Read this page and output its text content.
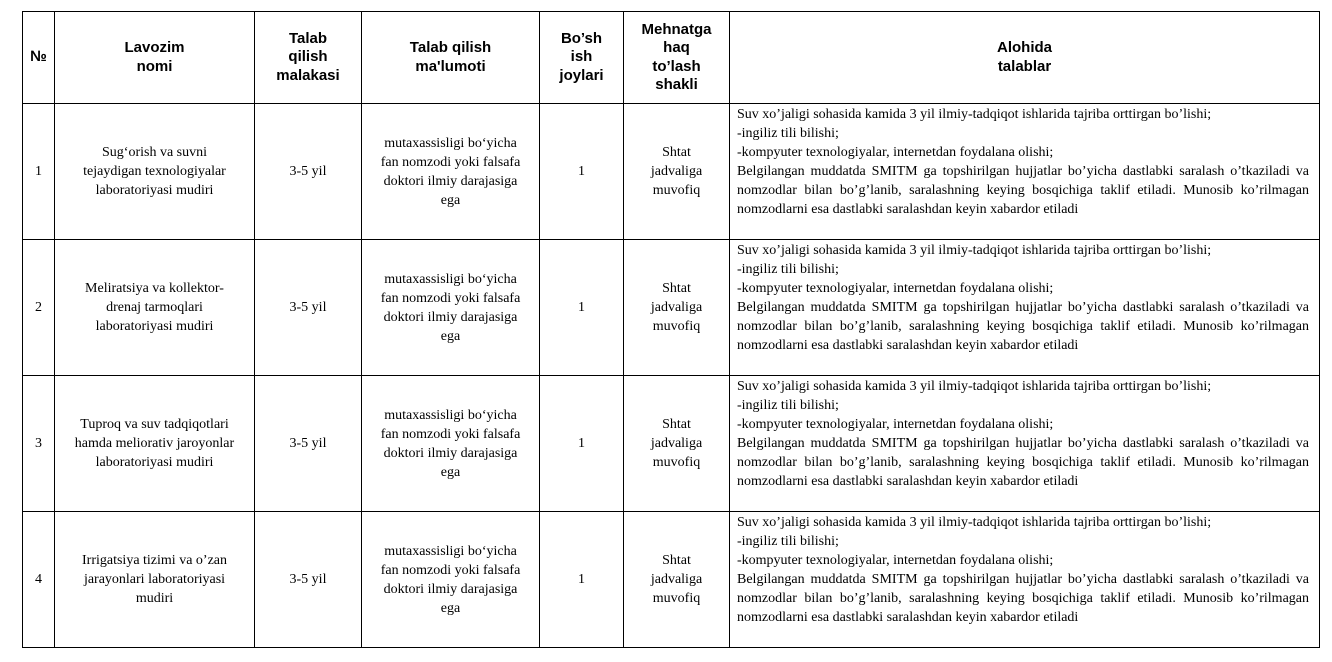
№	Lavozim
nomi	Talab
qilish
malakasi	Talab qilish
ma'lumoti	Bo’sh
ish
joylari	Mehnatga
haq
to’lash
shakli	Alohida
talablar

1	Sug‘orish va suvni tejaydigan texnologiyalar laboratoriyasi mudiri	3-5 yil	mutaxassisligi bo‘yicha fan nomzodi yoki falsafa doktori ilmiy darajasiga ega	1	Shtat jadvaliga muvofiq	Suv xo’jaligi sohasida kamida 3 yil ilmiy-tadqiqot ishlarida tajriba orttirgan bo’lishi;
-ingiliz tili bilishi;
-kompyuter texnologiyalar, internetdan foydalana olishi;
Belgilangan muddatda SMITM ga topshirilgan hujjatlar bo’yicha dastlabki saralash o’tkaziladi va nomzodlar bilan bo’g’lanib, saralashning keying bosqichiga taklif etiladi. Munosib ko’rilmagan nomzodlarni esa dastlabki saralashdan keyin xabardor etiladi

2	Meliratsiya va kollektor-drenaj tarmoqlari laboratoriyasi mudiri	3-5 yil	mutaxassisligi bo‘yicha fan nomzodi yoki falsafa doktori ilmiy darajasiga ega	1	Shtat jadvaliga muvofiq	Suv xo’jaligi sohasida kamida 3 yil ilmiy-tadqiqot ishlarida tajriba orttirgan bo’lishi;
-ingiliz tili bilishi;
-kompyuter texnologiyalar, internetdan foydalana olishi;
Belgilangan muddatda SMITM ga topshirilgan hujjatlar bo’yicha dastlabki saralash o’tkaziladi va nomzodlar bilan bo’g’lanib, saralashning keying bosqichiga taklif etiladi. Munosib ko’rilmagan nomzodlarni esa dastlabki saralashdan keyin xabardor etiladi

3	Tuproq va suv tadqiqotlari hamda meliorativ jaroyonlar laboratoriyasi mudiri	3-5 yil	mutaxassisligi bo‘yicha fan nomzodi yoki falsafa doktori ilmiy darajasiga ega	1	Shtat jadvaliga muvofiq	Suv xo’jaligi sohasida kamida 3 yil ilmiy-tadqiqot ishlarida tajriba orttirgan bo’lishi;
-ingiliz tili bilishi;
-kompyuter texnologiyalar, internetdan foydalana olishi;
Belgilangan muddatda SMITM ga topshirilgan hujjatlar bo’yicha dastlabki saralash o’tkaziladi va nomzodlar bilan bo’g’lanib, saralashning keying bosqichiga taklif etiladi. Munosib ko’rilmagan nomzodlarni esa dastlabki saralashdan keyin xabardor etiladi

4	Irrigatsiya tizimi va o’zan jarayonlari laboratoriyasi mudiri	3-5 yil	mutaxassisligi bo‘yicha fan nomzodi yoki falsafa doktori ilmiy darajasiga ega	1	Shtat jadvaliga muvofiq	Suv xo’jaligi sohasida kamida 3 yil ilmiy-tadqiqot ishlarida tajriba orttirgan bo’lishi;
-ingiliz tili bilishi;
-kompyuter texnologiyalar, internetdan foydalana olishi;
Belgilangan muddatda SMITM ga topshirilgan hujjatlar bo’yicha dastlabki saralash o’tkaziladi va nomzodlar bilan bo’g’lanib, saralashning keying bosqichiga taklif etiladi. Munosib ko’rilmagan nomzodlarni esa dastlabki saralashdan keyin xabardor etiladi
